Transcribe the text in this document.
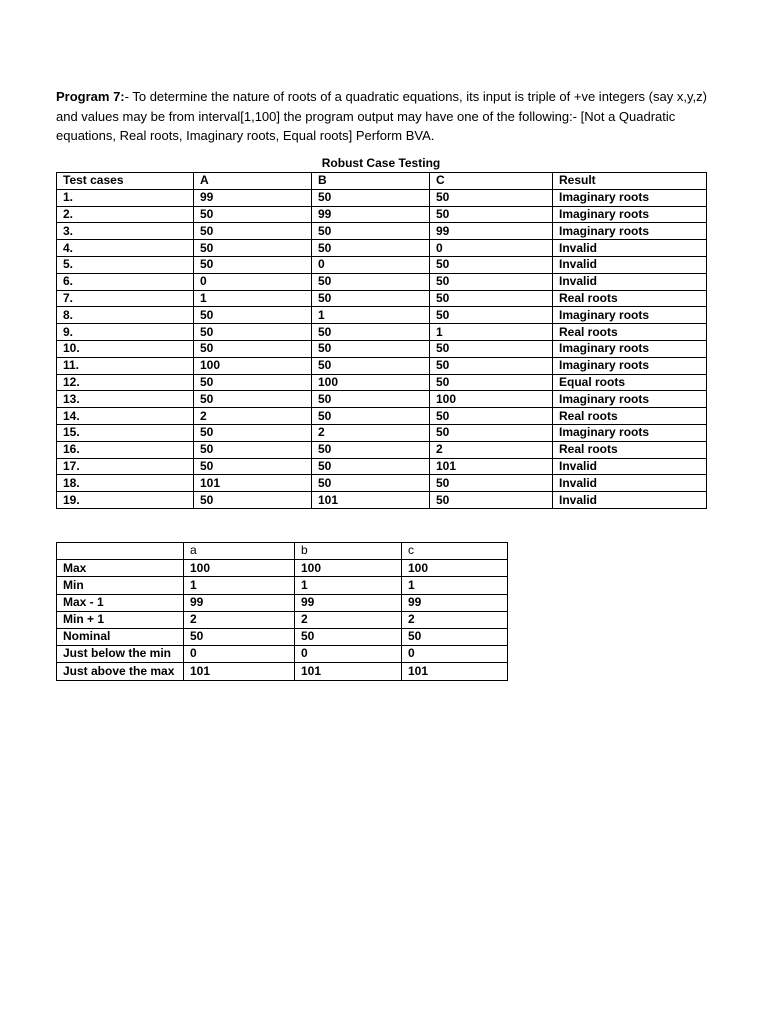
Program 7:- To determine the nature of roots of a quadratic equations, its input is triple of +ve integers (say x,y,z) and values may be from interval[1,100] the program output may have one of the following:- [Not a Quadratic equations, Real roots, Imaginary roots, Equal roots] Perform BVA.

Robust Case Testing
Test cases	A	B	C	Result
1.	99	50	50	Imaginary roots
2.	50	99	50	Imaginary roots
3.	50	50	99	Imaginary roots
4.	50	50	0	Invalid
5.	50	0	50	Invalid
6.	0	50	50	Invalid
7.	1	50	50	Real roots
8.	50	1	50	Imaginary roots
9.	50	50	1	Real roots
10.	50	50	50	Imaginary roots
11.	100	50	50	Imaginary roots
12.	50	100	50	Equal roots
13.	50	50	100	Imaginary roots
14.	2	50	50	Real roots
15.	50	2	50	Imaginary roots
16.	50	50	2	Real roots
17.	50	50	101	Invalid
18.	101	50	50	Invalid
19.	50	101	50	Invalid
	a	b	c
Max	100	100	100
Min	1	1	1
Max - 1	99	99	99
Min + 1	2	2	2
Nominal	50	50	50
Just below the min	0	0	0
Just above the max	101	101	101
